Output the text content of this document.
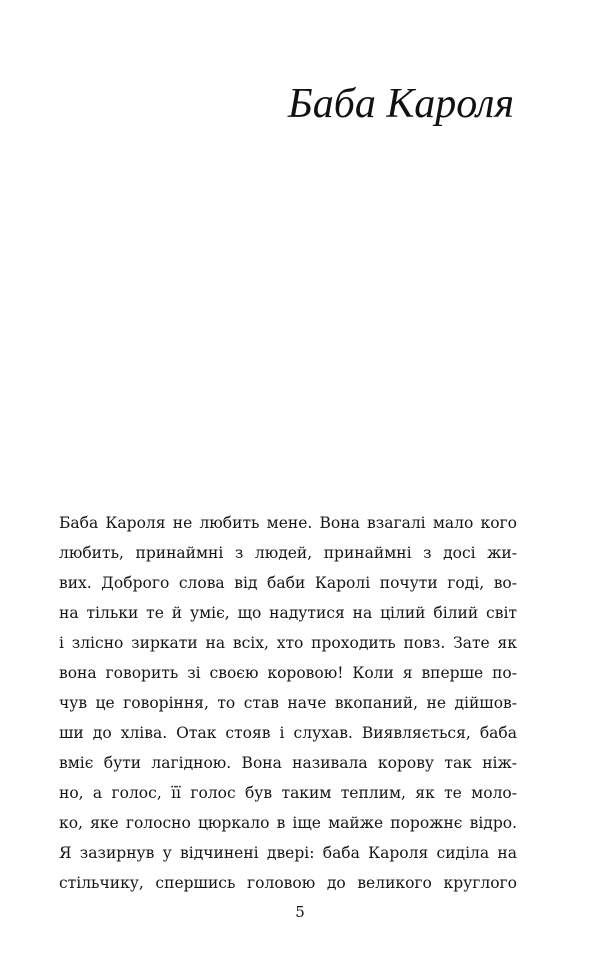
Баба Кароля
Баба Кароля не любить мене. Вона взагалі мало кого
любить, принаймні з людей, принаймні з досі жи-
вих. Доброго слова від баби Каролі почути годі, во-
на тільки те й уміє, що надутися на цілий білий світ
і злісно зиркати на всіх, хто проходить повз. Зате як
вона говорить зі своєю коровою! Коли я вперше по-
чув це говоріння, то став наче вкопаний, не дійшов-
ши до хліва. Отак стояв і слухав. Виявляється, баба
вміє бути лагідною. Вона називала корову так ніж-
но, а голос, її голос був таким теплим, як те моло-
ко, яке голосно цюркало в іще майже порожнє відро.
Я зазирнув у відчинені двері: баба Кароля сиділа на
стільчику, спершись головою до великого круглого
5
